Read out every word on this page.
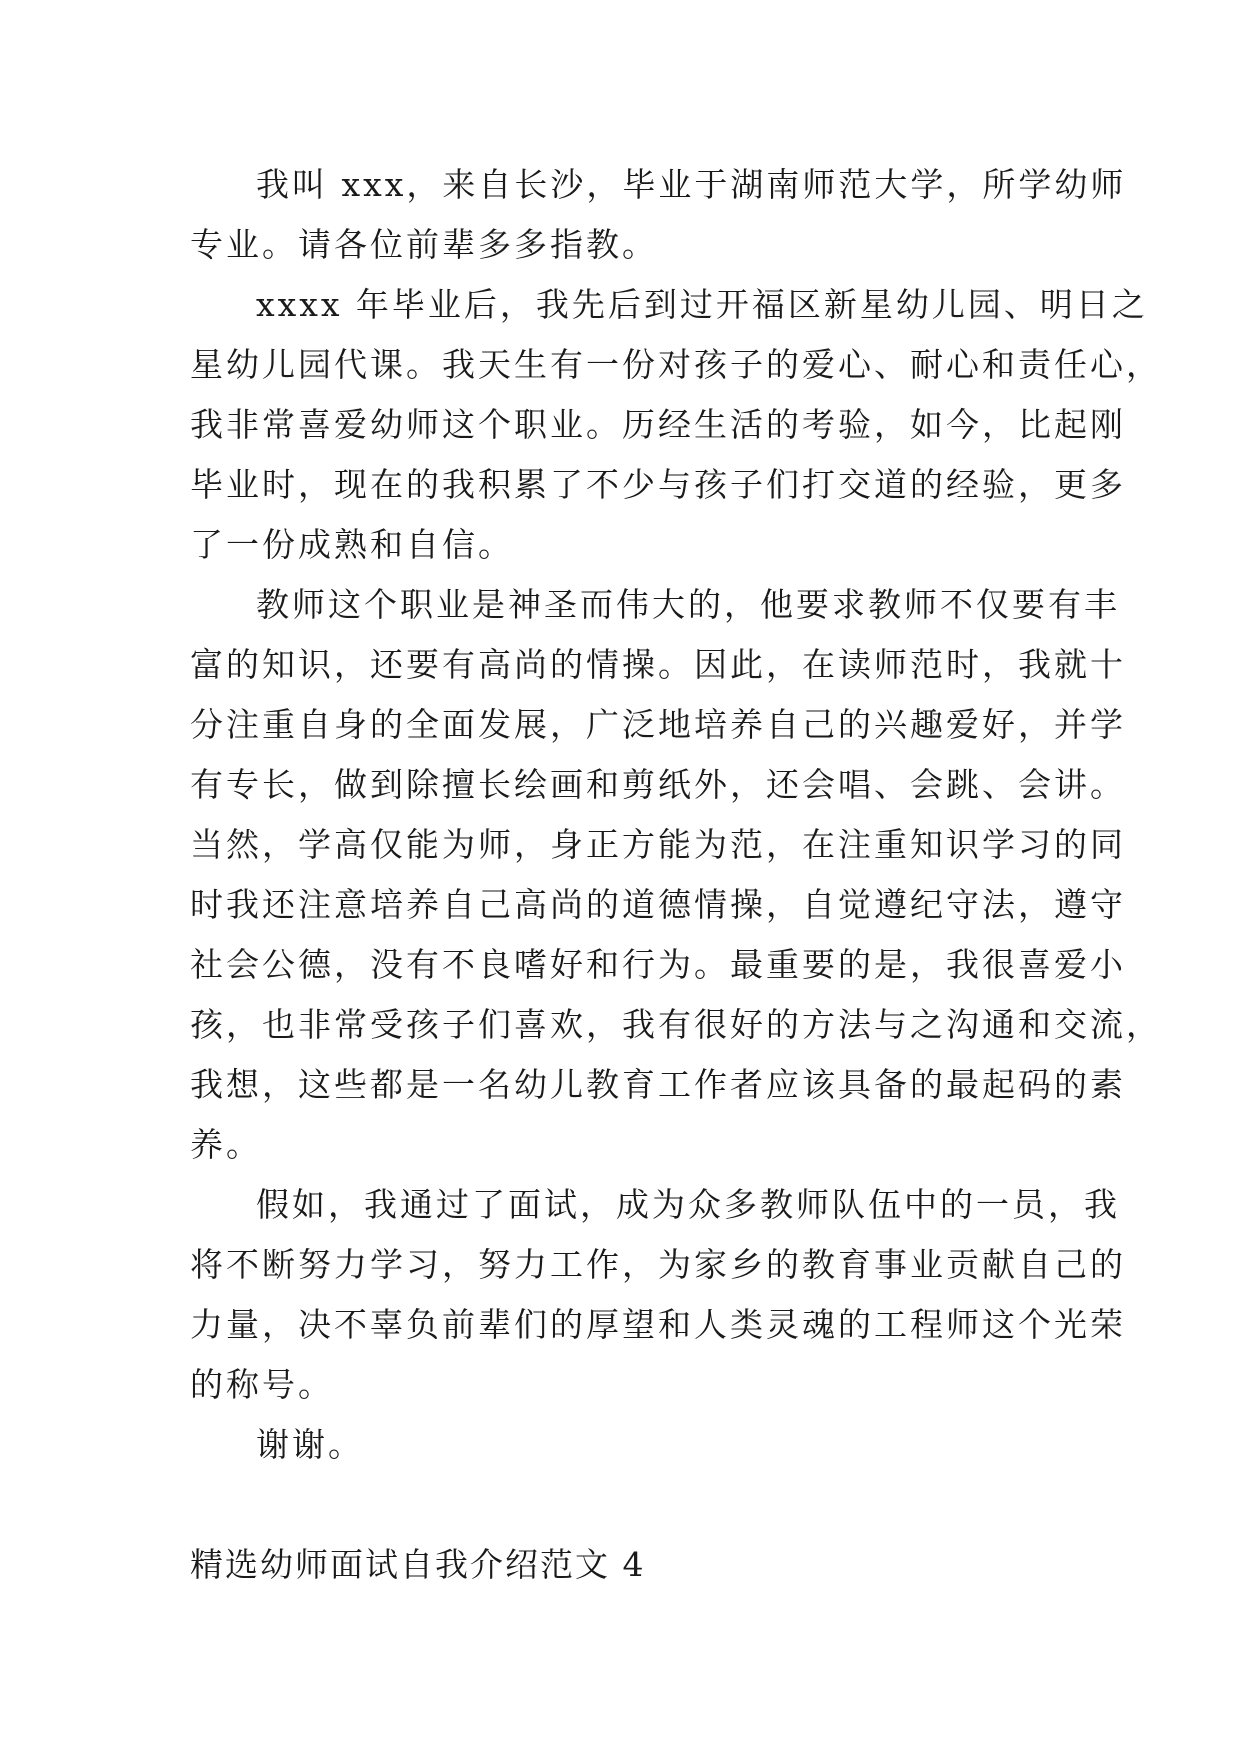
我叫 xxx，来自长沙，毕业于湖南师范大学，所学幼师
专业。请各位前辈多多指教。
xxxx 年毕业后，我先后到过开福区新星幼儿园、明日之
星幼儿园代课。我天生有一份对孩子的爱心、耐心和责任心，
我非常喜爱幼师这个职业。历经生活的考验，如今，比起刚
毕业时，现在的我积累了不少与孩子们打交道的经验，更多
了一份成熟和自信。
教师这个职业是神圣而伟大的，他要求教师不仅要有丰
富的知识，还要有高尚的情操。因此，在读师范时，我就十
分注重自身的全面发展，广泛地培养自己的兴趣爱好，并学
有专长，做到除擅长绘画和剪纸外，还会唱、会跳、会讲。
当然，学高仅能为师，身正方能为范，在注重知识学习的同
时我还注意培养自己高尚的道德情操，自觉遵纪守法，遵守
社会公德，没有不良嗜好和行为。最重要的是，我很喜爱小
孩，也非常受孩子们喜欢，我有很好的方法与之沟通和交流，
我想，这些都是一名幼儿教育工作者应该具备的最起码的素
养。
假如，我通过了面试，成为众多教师队伍中的一员，我
将不断努力学习，努力工作，为家乡的教育事业贡献自己的
力量，决不辜负前辈们的厚望和人类灵魂的工程师这个光荣
的称号。
谢谢。
精选幼师面试自我介绍范文 4
